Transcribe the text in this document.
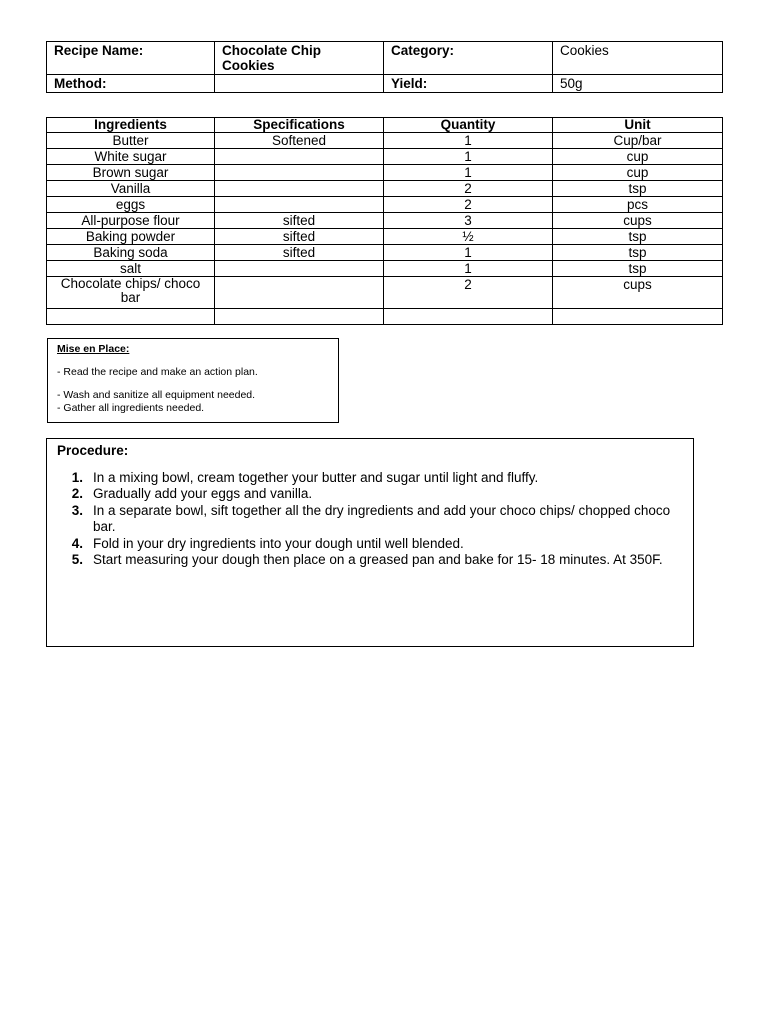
Recipe Name:	Chocolate Chip Cookies	Category:	Cookies
Method:		Yield:	50g
Ingredients	Specifications	Quantity	Unit
Butter	Softened	1	Cup/bar
White sugar		1	cup
Brown sugar		1	cup
Vanilla		2	tsp
eggs		2	pcs
All-purpose flour	sifted	3	cups
Baking powder	sifted	½	tsp
Baking soda	sifted	1	tsp
salt		1	tsp
Chocolate chips/ choco bar		2	cups

Mise en Place:
- Read the recipe and make an action plan.
- Wash and sanitize all equipment needed.
- Gather all ingredients needed.
Procedure:
1. In a mixing bowl, cream together your butter and sugar until light and fluffy.
2. Gradually add your eggs and vanilla.
3. In a separate bowl, sift together all the dry ingredients and add your choco chips/ chopped choco bar.
4. Fold in your dry ingredients into your dough until well blended.
5. Start measuring your dough then place on a greased pan and bake for 15- 18 minutes. At 350F.
